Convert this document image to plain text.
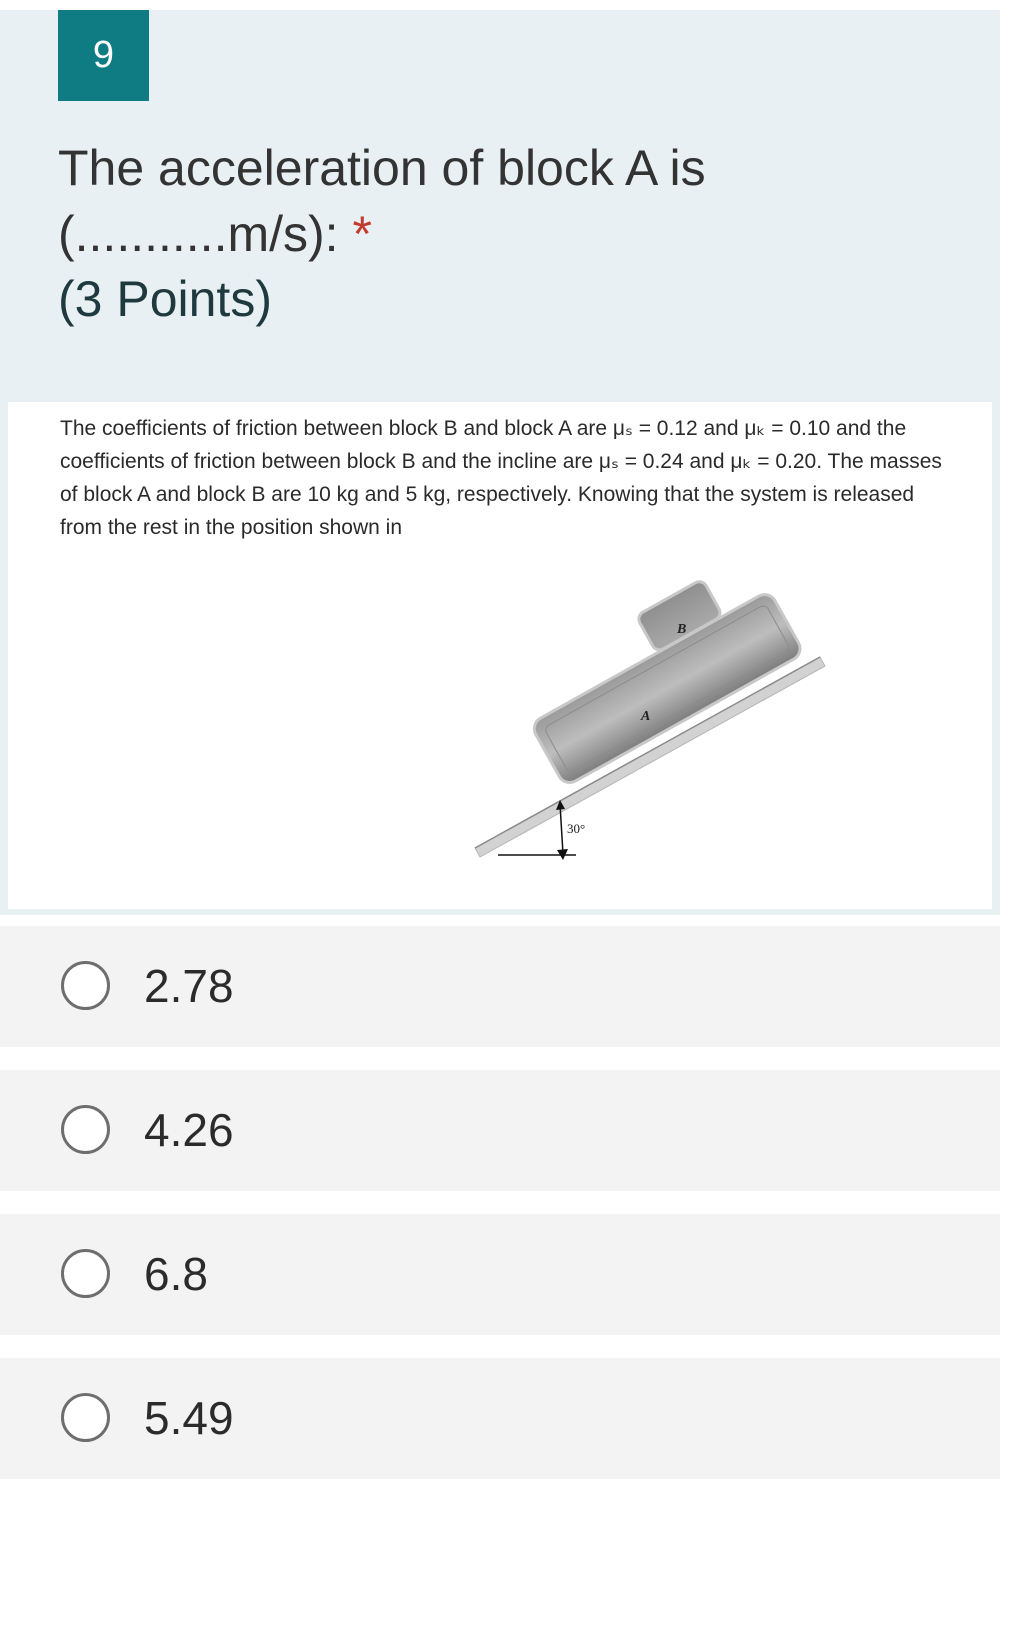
9
The acceleration of block A is (...........m/s): *
(3 Points)
The coefficients of friction between block B and block A are μₛ = 0.12 and μₖ = 0.10 and the coefficients of friction between block B and the incline are μₛ = 0.24 and μₖ = 0.20. The masses of block A and block B are 10 kg and 5 kg, respectively. Knowing that the system is released from the rest in the position shown in
30°
A
B
2.78
4.26
6.8
5.49
